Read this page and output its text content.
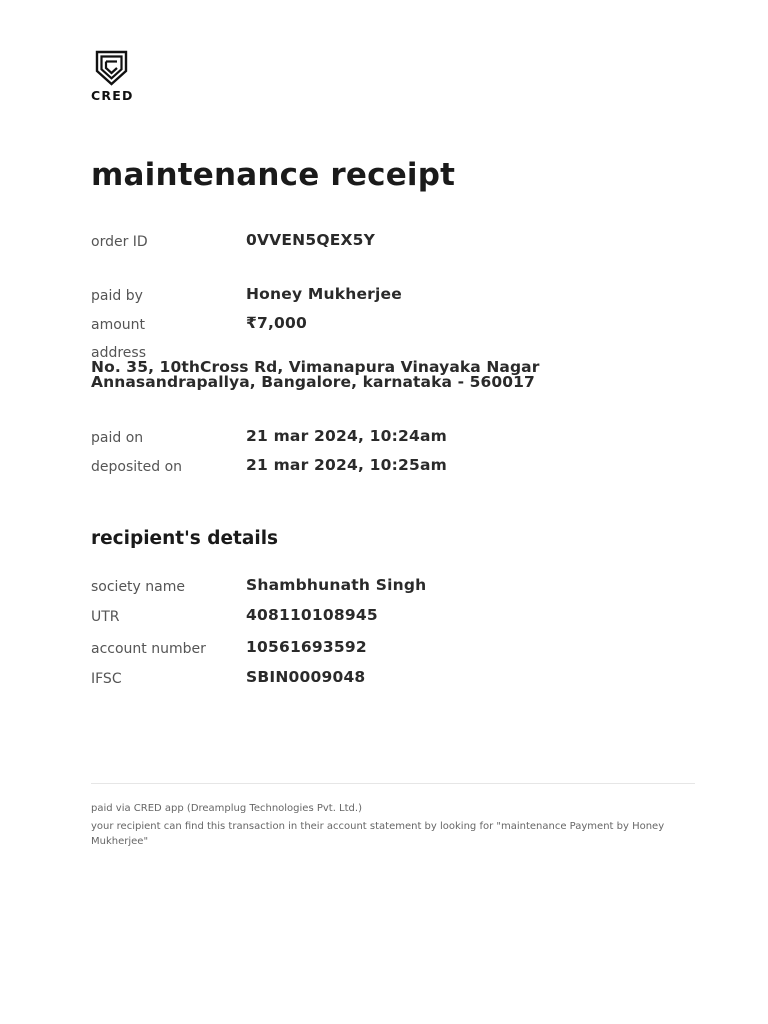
CRED
maintenance receipt
order ID	0VVEN5QEX5Y
paid by	Honey Mukherjee
amount	₹7,000
address
No. 35, 10thCross Rd, Vimanapura Vinayaka Nagar
Annasandrapallya, Bangalore, karnataka - 560017
paid on	21 mar 2024, 10:24am
deposited on	21 mar 2024, 10:25am
recipient's details
society name	Shambhunath Singh
UTR	408110108945
account number	10561693592
IFSC	SBIN0009048
paid via CRED app (Dreamplug Technologies Pvt. Ltd.)
your recipient can find this transaction in their account statement by looking for "maintenance Payment by Honey Mukherjee"
